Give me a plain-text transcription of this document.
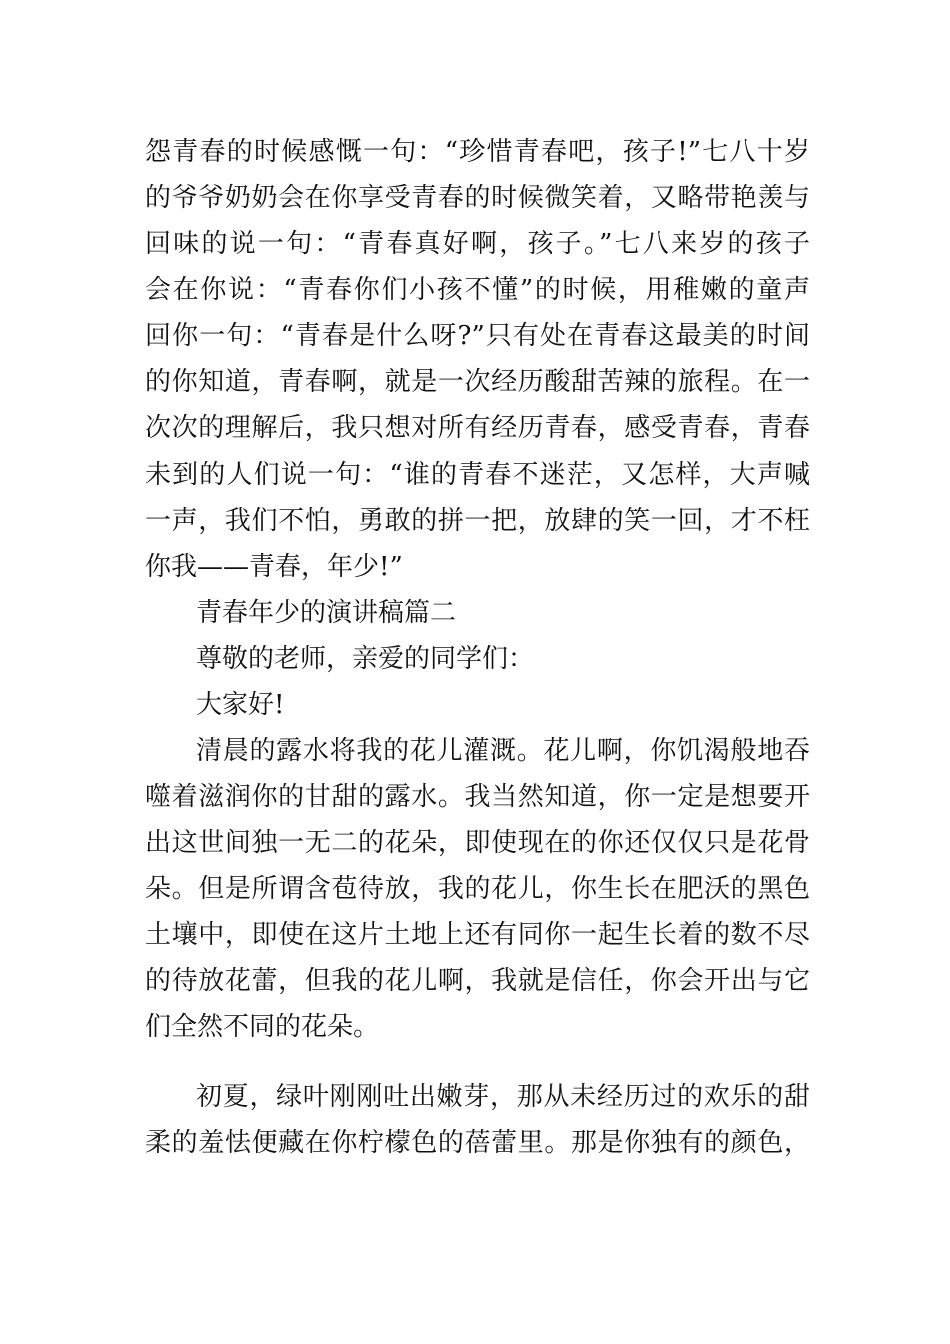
怨青春的时候感慨一句：“珍惜青春吧，孩子!”七八十岁
的爷爷奶奶会在你享受青春的时候微笑着，又略带艳羡与
回味的说一句：“青春真好啊，孩子。”七八来岁的孩子
会在你说：“青春你们小孩不懂”的时候，用稚嫩的童声
回你一句：“青春是什么呀?”只有处在青春这最美的时间
的你知道，青春啊，就是一次经历酸甜苦辣的旅程。在一
次次的理解后，我只想对所有经历青春，感受青春，青春
未到的人们说一句：“谁的青春不迷茫，又怎样，大声喊
一声，我们不怕，勇敢的拼一把，放肆的笑一回，才不枉
你我——青春，年少!”
青春年少的演讲稿篇二
尊敬的老师，亲爱的同学们：
大家好!
清晨的露水将我的花儿灌溉。花儿啊，你饥渴般地吞
噬着滋润你的甘甜的露水。我当然知道，你一定是想要开
出这世间独一无二的花朵，即使现在的你还仅仅只是花骨
朵。但是所谓含苞待放，我的花儿，你生长在肥沃的黑色
土壤中，即使在这片土地上还有同你一起生长着的数不尽
的待放花蕾，但我的花儿啊，我就是信任，你会开出与它
们全然不同的花朵。
初夏，绿叶刚刚吐出嫩芽，那从未经历过的欢乐的甜
柔的羞怯便藏在你柠檬色的蓓蕾里。那是你独有的颜色，
